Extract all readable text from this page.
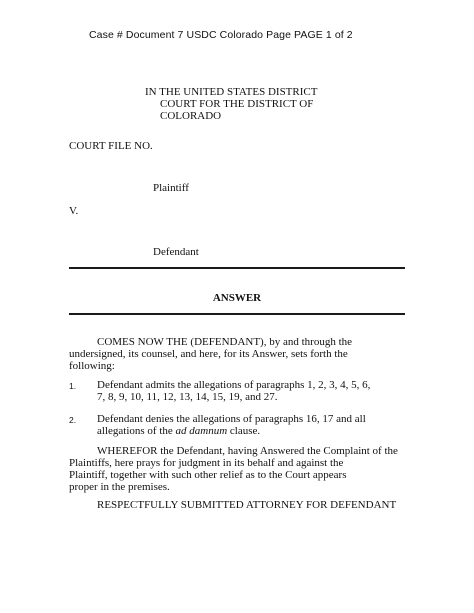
Case # Document 7 USDC Colorado Page PAGE 1 of 2
IN THE UNITED STATES DISTRICT
COURT FOR THE DISTRICT OF
COLORADO
COURT FILE NO.
Plaintiff
V.
Defendant
ANSWER
COMES NOW THE (DEFENDANT), by and through the
undersigned, its counsel, and here, for its Answer, sets forth the
following:
1. Defendant admits the allegations of paragraphs 1, 2, 3, 4, 5, 6,
7, 8, 9, 10, 11, 12, 13, 14, 15, 19, and 27.
2. Defendant denies the allegations of paragraphs 16, 17 and all
allegations of the ad damnum clause.
WHEREFOR the Defendant, having Answered the Complaint of the
Plaintiffs, here prays for judgment in its behalf and against the
Plaintiff, together with such other relief as to the Court appears
proper in the premises.
RESPECTFULLY SUBMITTED ATTORNEY FOR DEFENDANT
